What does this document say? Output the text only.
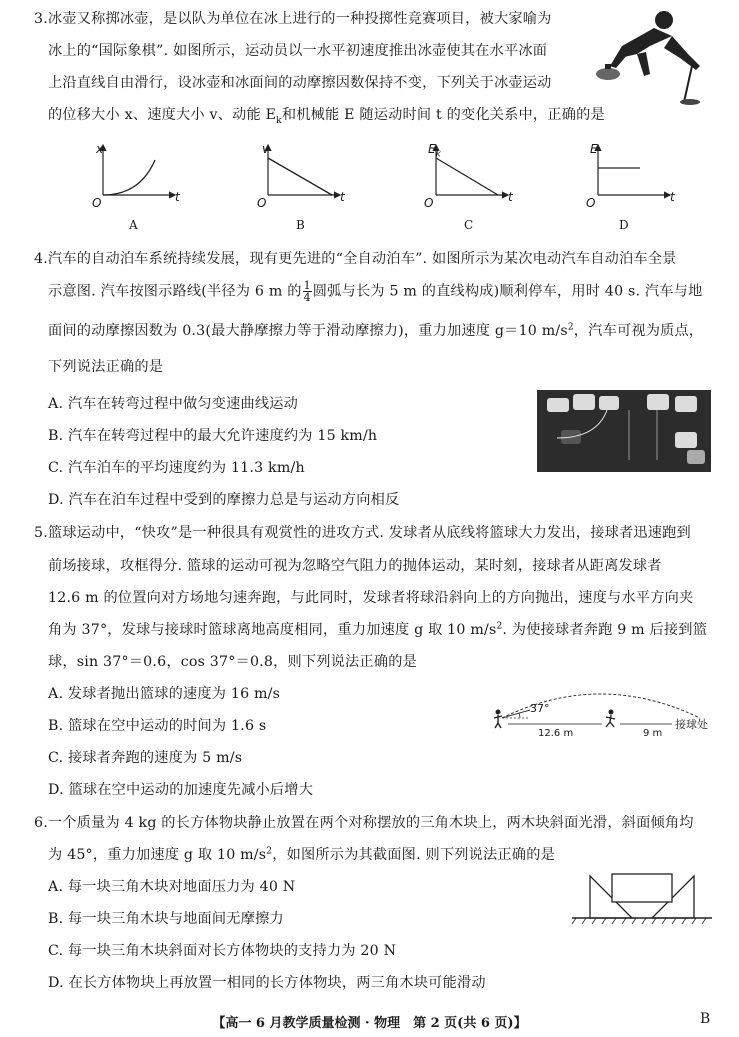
3.冰壶又称掷冰壶，是以队为单位在冰上进行的一种投掷性竞赛项目，被大家喻为
冰上的“国际象棋”. 如图所示，运动员以一水平初速度推出冰壶使其在水平冰面
上沿直线自由滑行，设冰壶和冰面间的动摩擦因数保持不变，下列关于冰壶运动
的位移大小 x、速度大小 v、动能 $E_k$和机械能 E 随运动时间 t 的变化关系中，正确的是
x
t
O
A
v
t
O
B
$E_k$
t
O
C
E
t
O
D
4.汽车的自动泊车系统持续发展，现有更先进的“全自动泊车”. 如图所示为某次电动汽车自动泊车全景
示意图. 汽车按图示路线(半径为 6 m 的 $\frac{1}{4}$ 圆弧与长为 5 m 的直线构成)顺利停车，用时 40 s. 汽车与地
面间的动摩擦因数为 0.3(最大静摩擦力等于滑动摩擦力)，重力加速度 g＝10 $m/s^2$，汽车可视为质点，
下列说法正确的是
A. 汽车在转弯过程中做匀变速曲线运动
B. 汽车在转弯过程中的最大允许速度约为 15 km/h
C. 汽车泊车的平均速度约为 11.3 km/h
D. 汽车在泊车过程中受到的摩擦力总是与运动方向相反
5.篮球运动中，“快攻”是一种很具有观赏性的进攻方式. 发球者从底线将篮球大力发出，接球者迅速跑到
前场接球，攻框得分. 篮球的运动可视为忽略空气阻力的抛体运动，某时刻，接球者从距离发球者
12.6 m 的位置向对方场地匀速奔跑，与此同时，发球者将球沿斜向上的方向抛出，速度与水平方向夹
角为 37°，发球与接球时篮球离地高度相同，重力加速度 g 取 10 $m/s^2$. 为使接球者奔跑 9 m 后接到篮
球，sin 37°＝0.6，cos 37°＝0.8，则下列说法正确的是
A. 发球者抛出篮球的速度为 16 m/s
B. 篮球在空中运动的时间为 1.6 s
C. 接球者奔跑的速度为 5 m/s
D. 篮球在空中运动的加速度先减小后增大
37°
12.6 m	9 m
接球处
6.一个质量为 4 kg 的长方体物块静止放置在两个对称摆放的三角木块上，两木块斜面光滑，斜面倾角均
为 45°，重力加速度 g 取 10 $m/s^2$，如图所示为其截面图. 则下列说法正确的是
A. 每一块三角木块对地面压力为 40 N
B. 每一块三角木块与地面间无摩擦力
C. 每一块三角木块斜面对长方体物块的支持力为 20 N
D. 在长方体物块上再放置一相同的长方体物块，两三角木块可能滑动
【高一 6 月教学质量检测 · 物理　第 2 页(共 6 页)】	B
